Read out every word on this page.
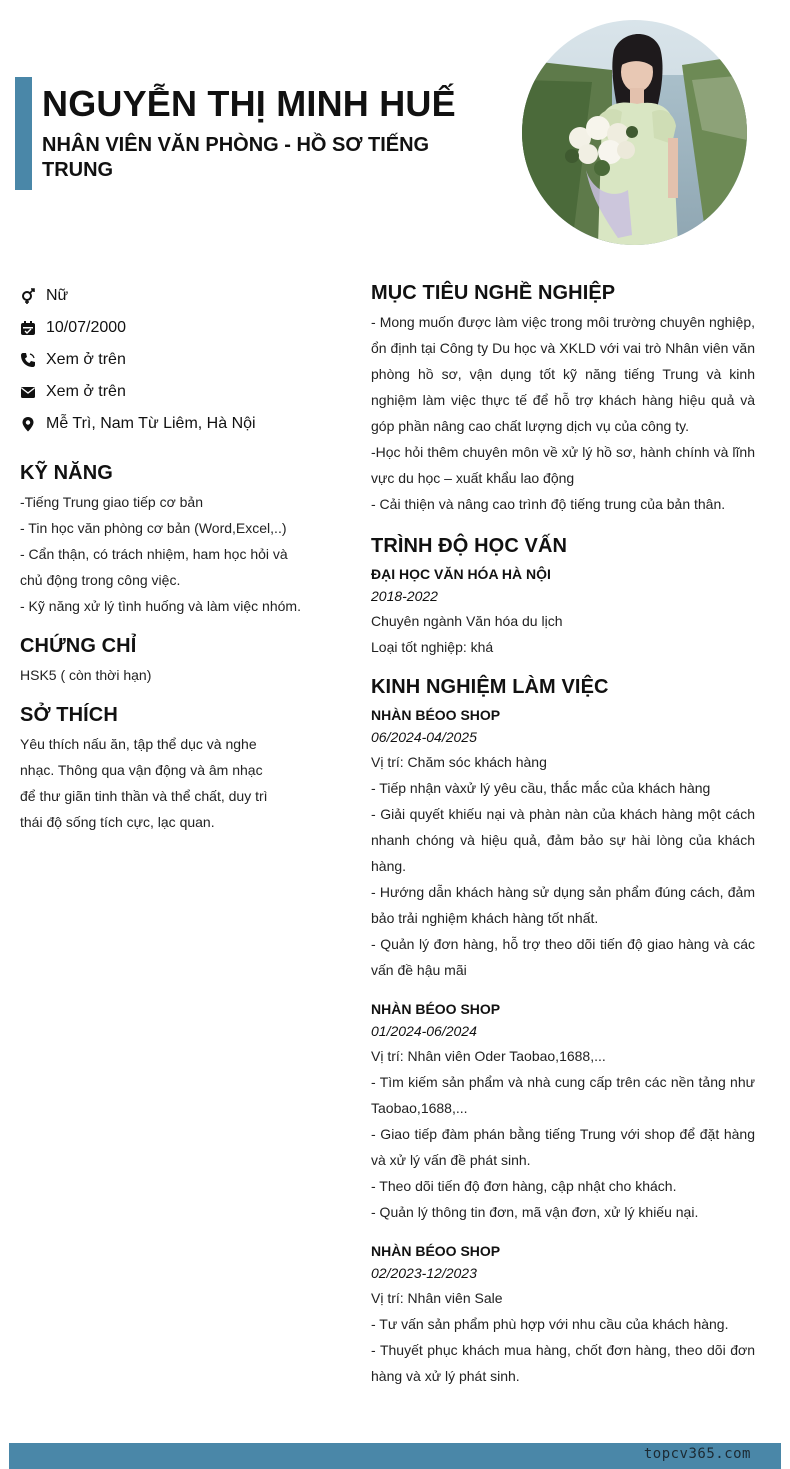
NGUYỄN THỊ MINH HUẾ
NHÂN VIÊN VĂN PHÒNG - HỒ SƠ TIẾNG TRUNG
Nữ
10/07/2000
Xem ở trên
Xem ở trên
Mễ Trì, Nam Từ Liêm, Hà Nội
KỸ NĂNG

-Tiếng Trung giao tiếp cơ bản

- Tin học văn phòng cơ bản (Word,Excel,..)

- Cẩn thận, có trách nhiệm, ham học hỏi và chủ động trong công việc.

- Kỹ năng xử lý tình huống và làm việc nhóm.

CHỨNG CHỈ

HSK5 ( còn thời hạn)

SỞ THÍCH

Yêu thích nấu ăn, tập thể dục và nghe nhạc. Thông qua vận động và âm nhạc để thư giãn tinh thần và thể chất, duy trì thái độ sống tích cực, lạc quan.

MỤC TIÊU NGHỀ NGHIỆP

- Mong muốn được làm việc trong môi trường chuyên nghiệp, ổn định tại Công ty Du học và XKLD với vai trò Nhân viên văn phòng hồ sơ, vận dụng tốt kỹ năng tiếng Trung và kinh nghiệm làm việc thực tế để hỗ trợ khách hàng hiệu quả và góp phần nâng cao chất lượng dịch vụ của công ty.

-Học hỏi thêm chuyên môn về xử lý hồ sơ, hành chính và lĩnh vực du học – xuất khẩu lao động

- Cải thiện và nâng cao trình độ tiếng trung của bản thân.

TRÌNH ĐỘ HỌC VẤN

ĐẠI HỌC VĂN HÓA HÀ NỘI

2018-2022

Chuyên ngành Văn hóa du lịch

Loại tốt nghiệp: khá

KINH NGHIỆM LÀM VIỆC

NHÀN BÉOO SHOP

06/2024-04/2025

Vị trí: Chăm sóc khách hàng

- Tiếp nhận vàxử lý yêu cầu, thắc mắc của khách hàng

- Giải quyết khiếu nại và phàn nàn của khách hàng một cách nhanh chóng và hiệu quả, đảm bảo sự hài lòng của khách hàng.

- Hướng dẫn khách hàng sử dụng sản phẩm đúng cách, đảm bảo trải nghiệm khách hàng tốt nhất.

- Quản lý đơn hàng, hỗ trợ theo dõi tiến độ giao hàng và các vấn đề hậu mãi

NHÀN BÉOO SHOP

01/2024-06/2024

Vị trí: Nhân viên Oder Taobao,1688,...

- Tìm kiếm sản phẩm và nhà cung cấp trên các nền tảng như Taobao,1688,...

- Giao tiếp đàm phán bằng tiếng Trung với shop để đặt hàng và xử lý vấn đề phát sinh.

- Theo dõi tiến độ đơn hàng, cập nhật cho khách.

- Quản lý thông tin đơn, mã vận đơn, xử lý khiếu nại.

NHÀN BÉOO SHOP

02/2023-12/2023

Vị trí: Nhân viên Sale

- Tư vấn sản phẩm phù hợp với nhu cầu của khách hàng.

- Thuyết phục khách mua hàng, chốt đơn hàng, theo dõi đơn hàng và xử lý phát sinh.

topcv365.com
